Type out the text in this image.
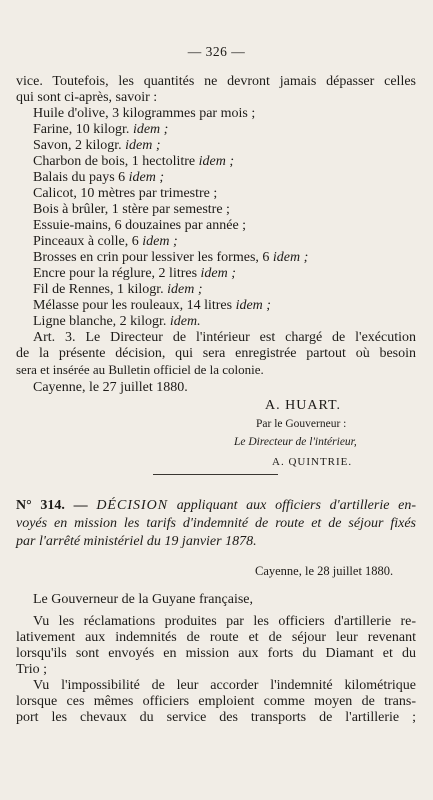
— 326 —
vice. Toutefois, les quantités ne devront jamais dépasser celles
qui sont ci-après, savoir :
Huile d'olive, 3 kilogrammes par mois ;
Farine, 10 kilogr. idem ;
Savon, 2 kilogr. idem ;
Charbon de bois, 1 hectolitre idem ;
Balais du pays 6 idem ;
Calicot, 10 mètres par trimestre ;
Bois à brûler, 1 stère par semestre ;
Essuie-mains, 6 douzaines par année ;
Pinceaux à colle, 6 idem ;
Brosses en crin pour lessiver les formes, 6 idem ;
Encre pour la réglure, 2 litres idem ;
Fil de Rennes, 1 kilogr. idem ;
Mélasse pour les rouleaux, 14 litres idem ;
Ligne blanche, 2 kilogr. idem.
Art. 3. Le Directeur de l'intérieur est chargé de l'exécution
de la présente décision, qui sera enregistrée partout où besoin
sera et insérée au Bulletin officiel de la colonie.
Cayenne, le 27 juillet 1880.
A. HUART.
Par le Gouverneur :
Le Directeur de l'intérieur,
A. QUINTRIE.
N° 314. — DÉCISION appliquant aux officiers d'artillerie en-
voyés en mission les tarifs d'indemnité de route et de séjour fixés
par l'arrêté ministériel du 19 janvier 1878.
Cayenne, le 28 juillet 1880.
Le Gouverneur de la Guyane française,
Vu les réclamations produites par les officiers d'artillerie re-
lativement aux indemnités de route et de séjour leur revenant
lorsqu'ils sont envoyés en mission aux forts du Diamant et du
Trio ;
Vu l'impossibilité de leur accorder l'indemnité kilométrique
lorsque ces mêmes officiers emploient comme moyen de trans-
port les chevaux du service des transports de l'artillerie ;
